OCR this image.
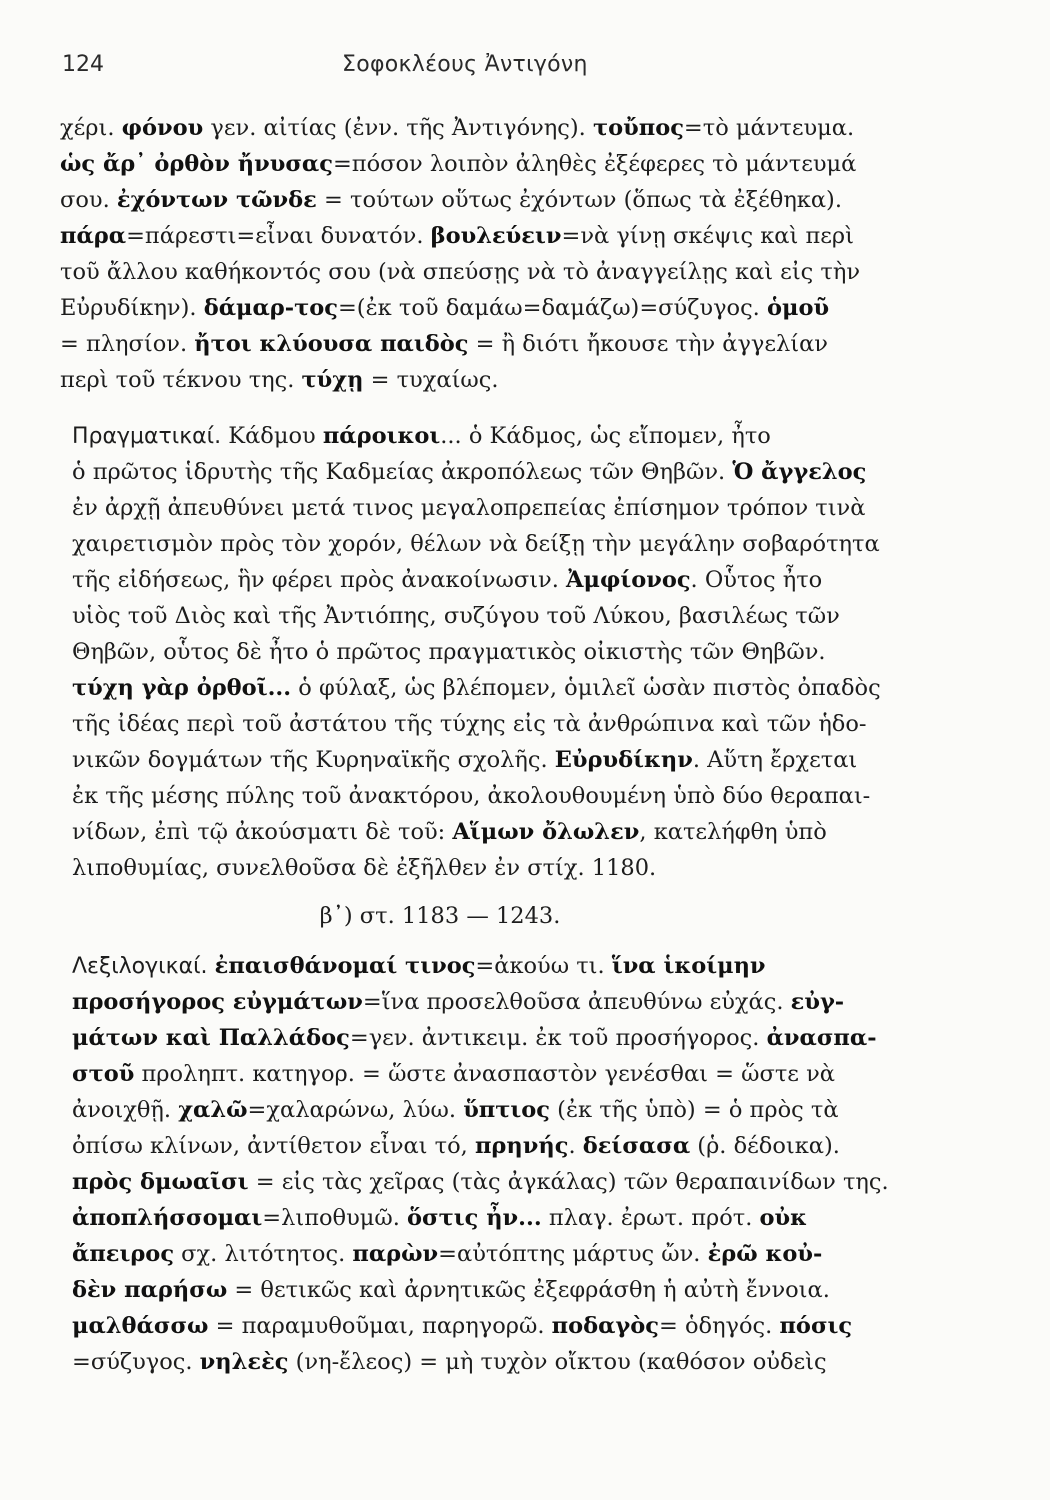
124	Σοφοκλέους Ἀντιγόνη
χέρι. φόνου γεν. αἰτίας (ἐνν. τῆς Ἀντιγόνης). τοὔπος=τὸ μάντευμα.
ὡς ἄρ᾽ ὀρθὸν ἤνυσας=πόσον λοιπὸν ἀληθὲς ἐξέφερες τὸ μάντευμά
σου. ἐχόντων τῶνδε = τούτων οὕτως ἐχόντων (ὅπως τὰ ἐξέθηκα).
πάρα=πάρεστι=εἶναι δυνατόν. βουλεύειν=νὰ γίνῃ σκέψις καὶ περὶ
τοῦ ἄλλου καθήκοντός σου (νὰ σπεύσῃς νὰ τὸ ἀναγγείλῃς καὶ εἰς τὴν
Εὐρυδίκην). δάμαρ-τος=(ἐκ τοῦ δαμάω=δαμάζω)=σύζυγος. ὁμοῦ
= πλησίον. ἤτοι κλύουσα παιδὸς = ἢ διότι ἤκουσε τὴν ἀγγελίαν
περὶ τοῦ τέκνου της. τύχῃ = τυχαίως.
Πραγματικαί. Κάδμου πάροικοι... ὁ Κάδμος, ὡς εἴπομεν, ἦτο
ὁ πρῶτος ἱδρυτὴς τῆς Καδμείας ἀκροπόλεως τῶν Θηβῶν. Ὁ ἄγγελος
ἐν ἀρχῇ ἀπευθύνει μετά τινος μεγαλοπρεπείας ἐπίσημον τρόπον τινὰ
χαιρετισμὸν πρὸς τὸν χορόν, θέλων νὰ δείξῃ τὴν μεγάλην σοβαρότητα
τῆς εἰδήσεως, ἣν φέρει πρὸς ἀνακοίνωσιν. Ἀμφίονος. Οὗτος ἦτο
υἱὸς τοῦ Διὸς καὶ τῆς Ἀντιόπης, συζύγου τοῦ Λύκου, βασιλέως τῶν
Θηβῶν, οὗτος δὲ ἦτο ὁ πρῶτος πραγματικὸς οἰκιστὴς τῶν Θηβῶν.
τύχη γὰρ ὀρθοῖ... ὁ φύλαξ, ὡς βλέπομεν, ὁμιλεῖ ὡσὰν πιστὸς ὀπαδὸς
τῆς ἰδέας περὶ τοῦ ἀστάτου τῆς τύχης εἰς τὰ ἀνθρώπινα καὶ τῶν ἡδο-
νικῶν δογμάτων τῆς Κυρηναϊκῆς σχολῆς. Εὐρυδίκην. Αὕτη ἔρχεται
ἐκ τῆς μέσης πύλης τοῦ ἀνακτόρου, ἀκολουθουμένη ὑπὸ δύο θεραπαι-
νίδων, ἐπὶ τῷ ἀκούσματι δὲ τοῦ: Αἵμων ὄλωλεν, κατελήφθη ὑπὸ
λιποθυμίας, συνελθοῦσα δὲ ἐξῆλθεν ἐν στίχ. 1180.
β᾽) στ. 1183 — 1243.
Λεξιλογικαί. ἐπαισθάνομαί τινος=ἀκούω τι. ἵνα ἱκοίμην
προσήγορος εὐγμάτων=ἵνα προσελθοῦσα ἀπευθύνω εὐχάς. εὐγ-
μάτων καὶ Παλλάδος=γεν. ἀντικειμ. ἐκ τοῦ προσήγορος. ἀνασπα-
στοῦ προληπτ. κατηγορ. = ὥστε ἀνασπαστὸν γενέσθαι = ὥστε νὰ
ἀνοιχθῇ. χαλῶ=χαλαρώνω, λύω. ὕπτιος (ἐκ τῆς ὑπὸ) = ὁ πρὸς τὰ
ὀπίσω κλίνων, ἀντίθετον εἶναι τό, πρηνής. δείσασα (ῥ. δέδοικα).
πρὸς δμωαῖσι = εἰς τὰς χεῖρας (τὰς ἀγκάλας) τῶν θεραπαινίδων της.
ἀποπλήσσομαι=λιποθυμῶ. ὅστις ἦν... πλαγ. ἐρωτ. πρότ. οὐκ
ἄπειρος σχ. λιτότητος. παρὼν=αὐτόπτης μάρτυς ὤν. ἐρῶ κοὐ-
δὲν παρήσω = θετικῶς καὶ ἀρνητικῶς ἐξεφράσθη ἡ αὐτὴ ἔννοια.
μαλθάσσω = παραμυθοῦμαι, παρηγορῶ. ποδαγὸς= ὁδηγός. πόσις
=σύζυγος. νηλεὲς (νη-ἔλεος) = μὴ τυχὸν οἴκτου (καθόσον οὐδεὶς
